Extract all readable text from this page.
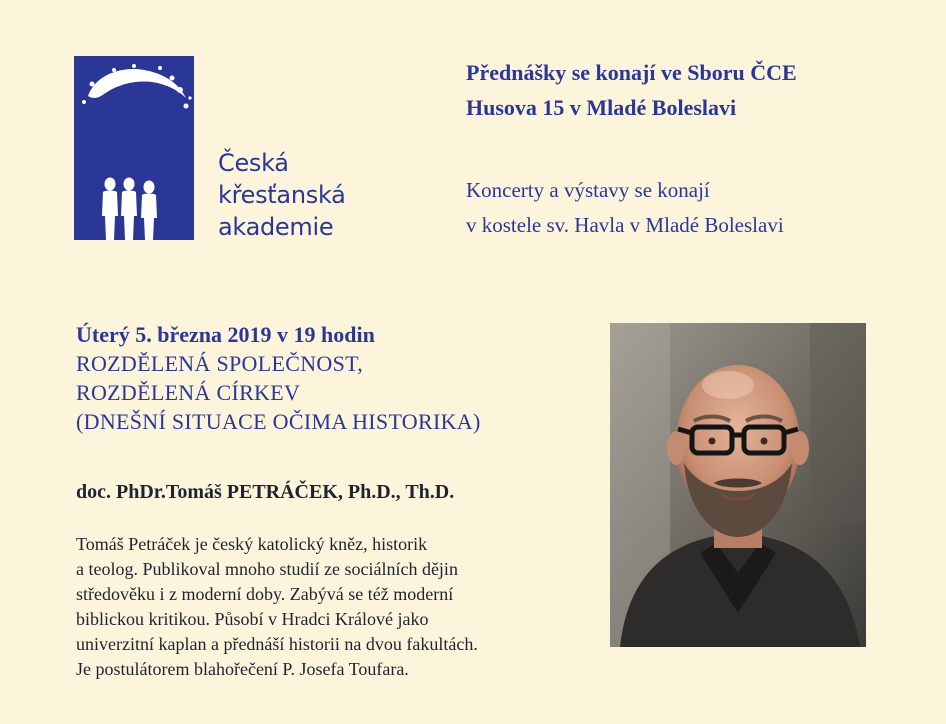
Česká
křesťanská
akademie
Přednášky se konají ve Sboru ČCE
Husova 15 v Mladé Boleslavi
Koncerty a výstavy se konají
v kostele sv. Havla v Mladé Boleslavi
Úterý 5. března 2019 v 19 hodin
ROZDĚLENÁ SPOLEČNOST,
ROZDĚLENÁ CÍRKEV
(DNEŠNÍ SITUACE OČIMA HISTORIKA)
doc. PhDr.Tomáš PETRÁČEK, Ph.D., Th.D.
Tomáš Petráček je český katolický kněz, historik
a teolog. Publikoval mnoho studií ze sociálních dějin
středověku i z moderní doby. Zabývá se též moderní
biblickou kritikou. Působí v Hradci Králové jako
univerzitní kaplan a přednáší historii na dvou fakultách.
Je postulátorem blahořečení P. Josefa Toufara.
